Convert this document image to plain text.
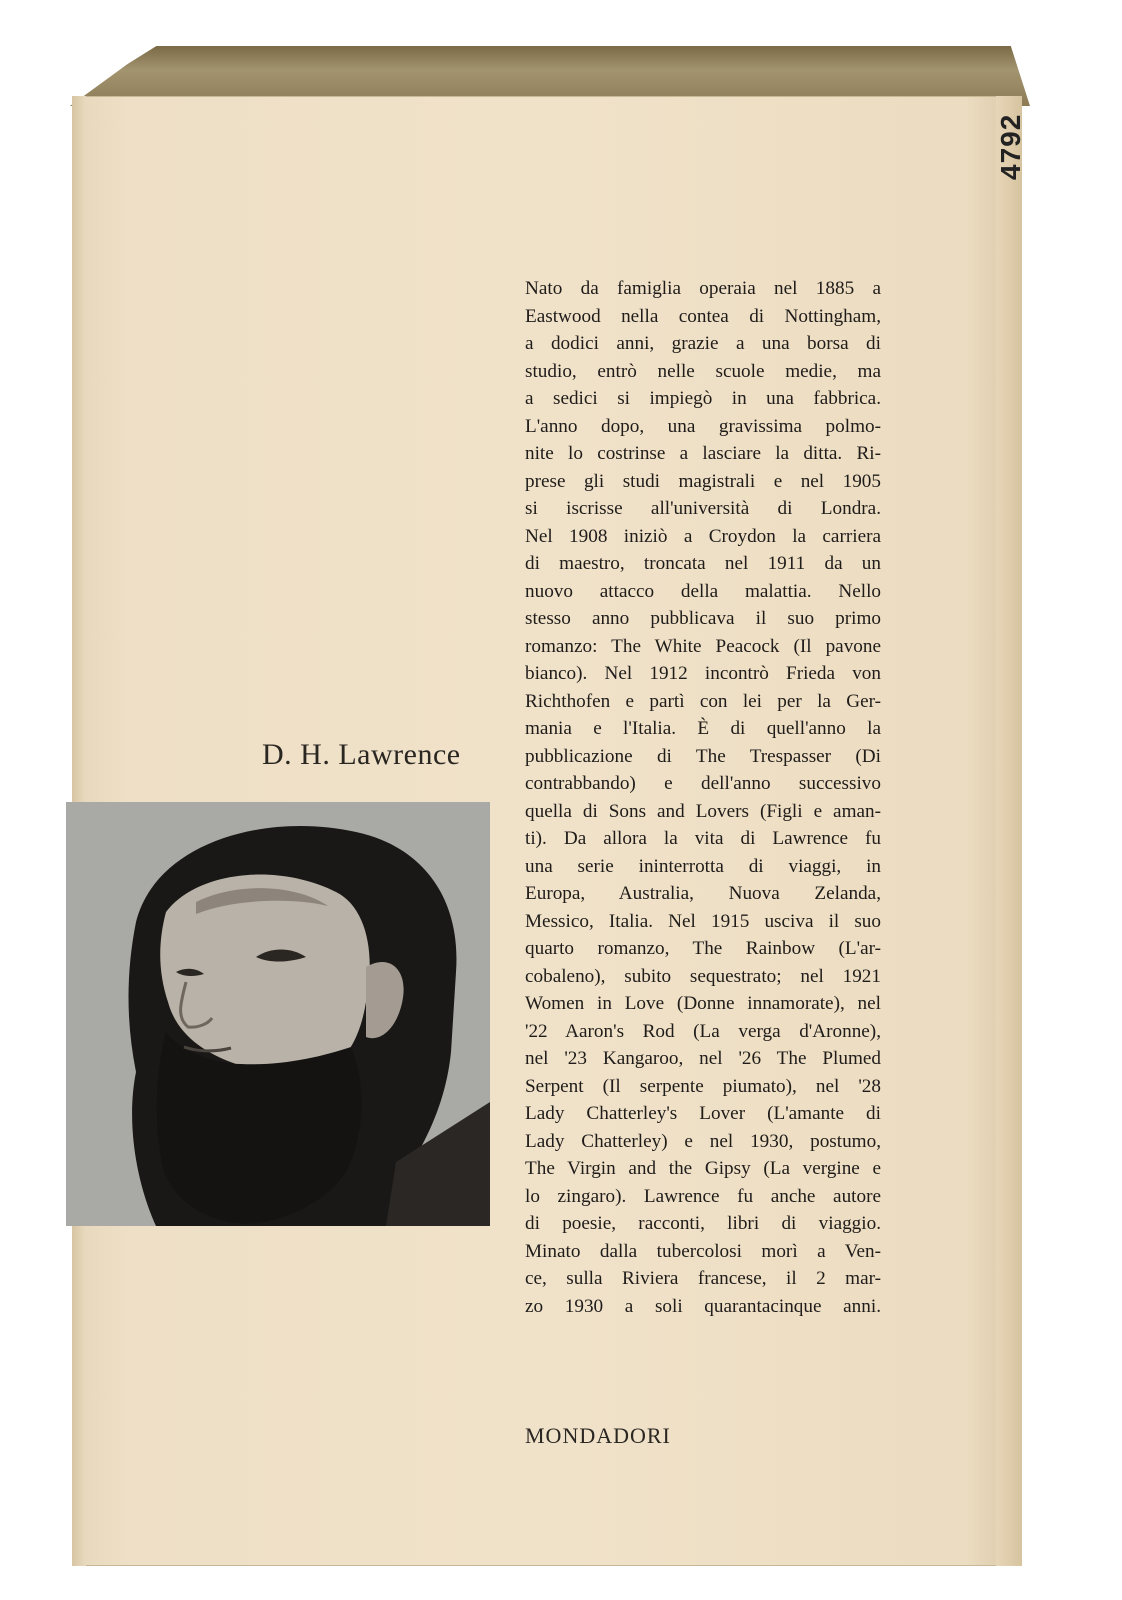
4792
D. H. Lawrence
Nato da famiglia operaia nel 1885 a
Eastwood nella contea di Nottingham,
a dodici anni, grazie a una borsa di
studio, entrò nelle scuole medie, ma
a sedici si impiegò in una fabbrica.
L'anno dopo, una gravissima polmo-
nite lo costrinse a lasciare la ditta. Ri-
prese gli studi magistrali e nel 1905
si iscrisse all'università di Londra.
Nel 1908 iniziò a Croydon la carriera
di maestro, troncata nel 1911 da un
nuovo attacco della malattia. Nello
stesso anno pubblicava il suo primo
romanzo: The White Peacock (Il pavone
bianco). Nel 1912 incontrò Frieda von
Richthofen e partì con lei per la Ger-
mania e l'Italia. È di quell'anno la
pubblicazione di The Trespasser (Di
contrabbando) e dell'anno successivo
quella di Sons and Lovers (Figli e aman-
ti). Da allora la vita di Lawrence fu
una serie ininterrotta di viaggi, in
Europa, Australia, Nuova Zelanda,
Messico, Italia. Nel 1915 usciva il suo
quarto romanzo, The Rainbow (L'ar-
cobaleno), subito sequestrato; nel 1921
Women in Love (Donne innamorate), nel
'22 Aaron's Rod (La verga d'Aronne),
nel '23 Kangaroo, nel '26 The Plumed
Serpent (Il serpente piumato), nel '28
Lady Chatterley's Lover (L'amante di
Lady Chatterley) e nel 1930, postumo,
The Virgin and the Gipsy (La vergine e
lo zingaro). Lawrence fu anche autore
di poesie, racconti, libri di viaggio.
Minato dalla tubercolosi morì a Ven-
ce, sulla Riviera francese, il 2 mar-
zo 1930 a soli quarantacinque anni.
MONDADORI
